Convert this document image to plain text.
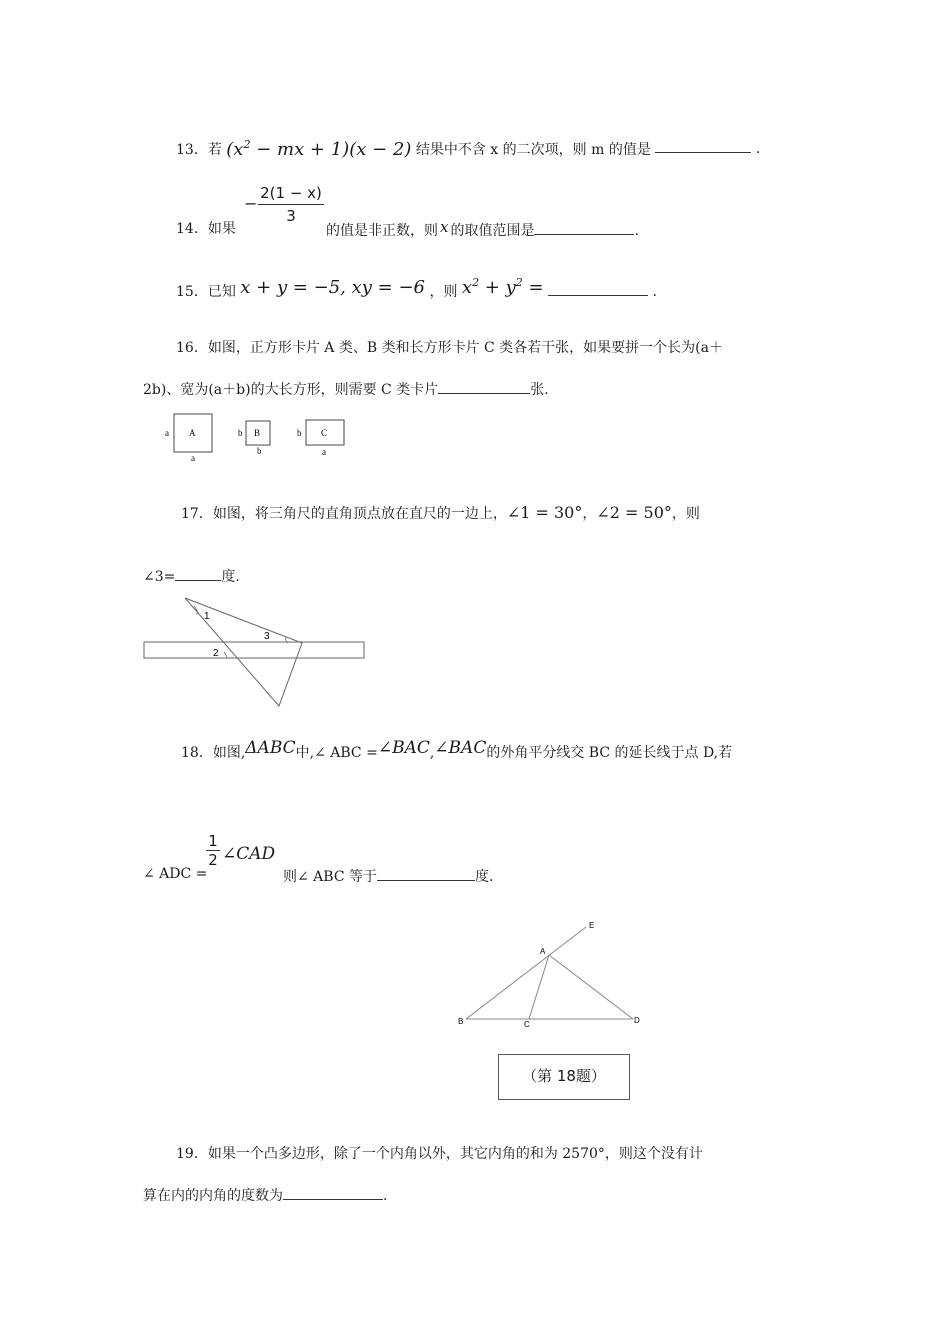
13．若 ($x^2$ − mx + 1)(x − 2) 结果中不含 x 的二次项，则 m 的值是	.
14．如果
− $\frac{2(1 - x)}{3}$
的值是非正数，则 x 的取值范围是	.
15．已知 x + y = −5, xy = −6 ，则 $x^2 + y^2$ =	.
16．如图，正方形卡片 A 类、B 类和长方形卡片 C 类各若干张，如果要拼一个长为(a＋
2b)、宽为(a＋b)的大长方形，则需要 C 类卡片	张.
a A
a
b B
b
b C
a
17．如图，将三角尺的直角顶点放在直尺的一边上，∠1 = 30°，∠2 = 50°，则
∠3=	度.
1
3
2
18．如图,ΔABC中,∠ ABC =∠BAC,∠BAC的外角平分线交 BC 的延长线于点 D,若
∠ ADC =
$\frac{1}{2}$ ∠CAD
则∠ ABC 等于	度.
A
B	C	D
E
（第 18题）
19．如果一个凸多边形，除了一个内角以外，其它内角的和为 2570°，则这个没有计
算在内的内角的度数为	.
